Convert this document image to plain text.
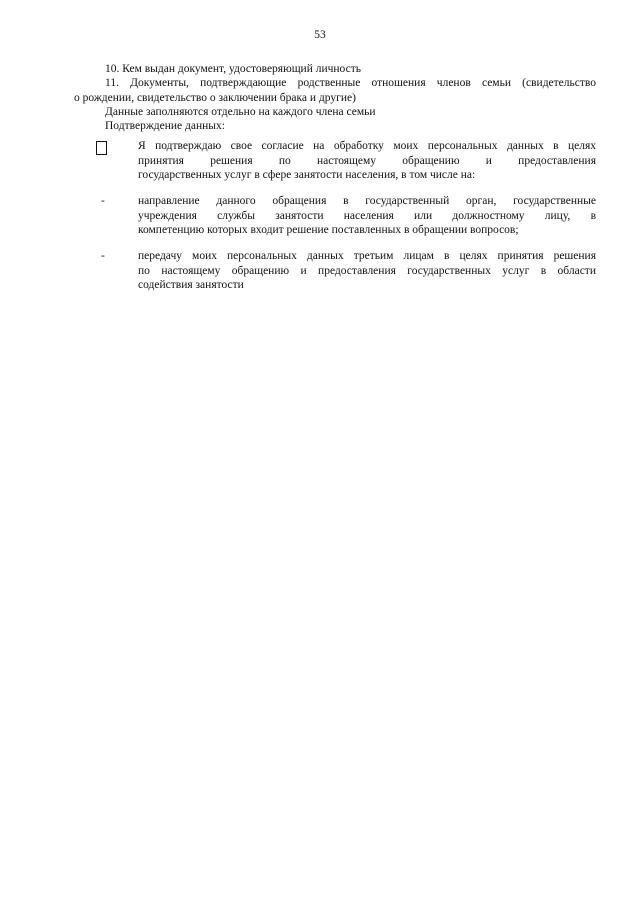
53

10. Кем выдан документ, удостоверяющий личность

11. Документы, подтверждающие родственные отношения членов семьи (свидетельство
о рождении, свидетельство о заключении брака и другие)

Данные заполняются отдельно на каждого члена семьи

Подтверждение данных:

Я подтверждаю свое согласие на обработку моих персональных данных в целях
принятия решения по настоящему обращению и предоставления
государственных услуг в сфере занятости населения, в том числе на:
-	направление данного обращения в государственный орган, государственные
учреждения службы занятости населения или должностному лицу, в
компетенцию которых входит решение поставленных в обращении вопросов;
-	передачу моих персональных данных третьим лицам в целях принятия решения
по настоящему обращению и предоставления государственных услуг в области
содействия занятости
